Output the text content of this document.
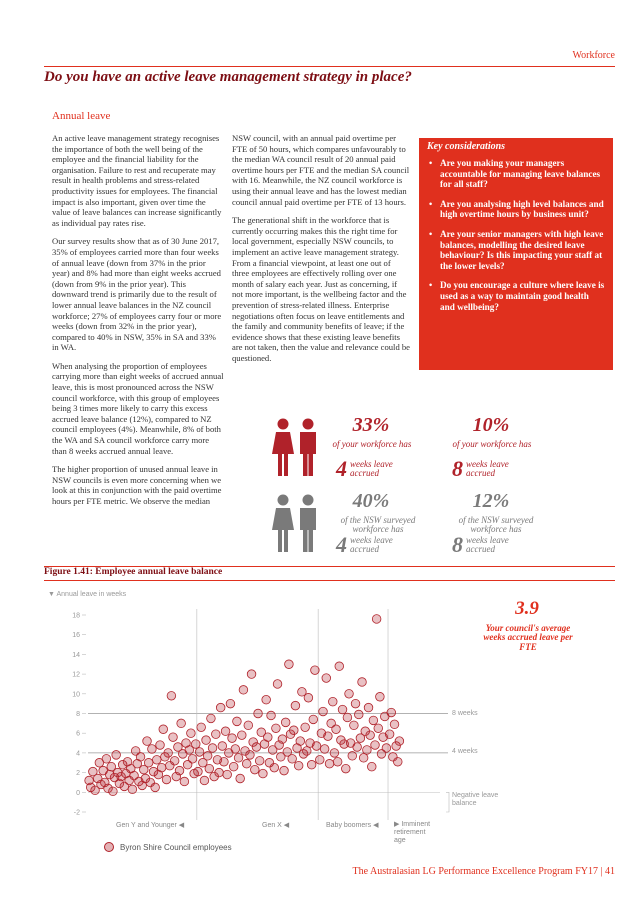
Workforce
Do you have an active leave management strategy in place?
Annual leave

An active leave management strategy recognises the importance of both the well being of the employee and the financial liability for the organisation. Failure to rest and recuperate may result in health problems and stress-related productivity issues for employees. The financial impact is also important, given over time the value of leave balances can increase significantly as individual pay rates rise.

Our survey results show that as of 30 June 2017, 35% of employees carried more than four weeks of annual leave (down from 37% in the prior year) and 8% had more than eight weeks accrued (down from 9% in the prior year). This downward trend is primarily due to the result of lower annual leave balances in the NZ council workforce; 27% of employees carry four or more weeks (down from 32% in the prior year), compared to 40% in NSW, 35% in SA and 33% in WA.

When analysing the proportion of employees carrying more than eight weeks of accrued annual leave, this is most pronounced across the NSW council workforce, with this group of employees being 3 times more likely to carry this excess accrued leave balance (12%), compared to NZ council employees (4%). Meanwhile, 8% of both the WA and SA council workforce carry more than 8 weeks accrued annual leave.

The higher proportion of unused annual leave in NSW councils is even more concerning when we look at this in conjunction with the paid overtime hours per FTE metric. We observe the median

NSW council, with an annual paid overtime per FTE of 50 hours, which compares unfavourably to the median WA council result of 20 annual paid overtime hours per FTE and the median SA council with 16. Meanwhile, the NZ council workforce is using their annual leave and has the lowest median council annual paid overtime per FTE of 13 hours.

The generational shift in the workforce that is currently occurring makes this the right time for local government, especially NSW councils, to implement an active leave management strategy. From a financial viewpoint, at least one out of three employees are effectively rolling over one month of salary each year. Just as concerning, if not more important, is the wellbeing factor and the prevention of stress-related illness. Enterprise negotiations often focus on leave entitlements and the family and community benefits of leave; if the evidence shows that these existing leave benefits are not taken, then the value and relevance could be questioned.

Key considerations
• Are you making your managers accountable for managing leave balances for all staff?
• Are you analysing high level balances and high overtime hours by business unit?
• Are your senior managers with high leave balances, modelling the desired leave behaviour? Is this impacting your staff at the lower levels?
• Do you encourage a culture where leave is used as a way to maintain good health and wellbeing?
33%
of your workforce has
4 weeks leave accrued
10%
of your workforce has
8 weeks leave accrued
40%
of the NSW surveyed workforce has
4 weeks leave accrued
12%
of the NSW surveyed workforce has
8 weeks leave accrued
Figure 1.41: Employee annual leave balance
3.9
Your council's average weeks accrued leave per FTE
▼ Annual leave in weeks
-2
0
2
4
6
8
10
12
14
16
18
8 weeks
4 weeks
Negative leave balance
Gen Y and Younger ◀	Gen X ◀	Baby boomers ◀ ▶ Imminent retirement age
Byron Shire Council employees
The Australasian LG Performance Excellence Program FY17 | 41
